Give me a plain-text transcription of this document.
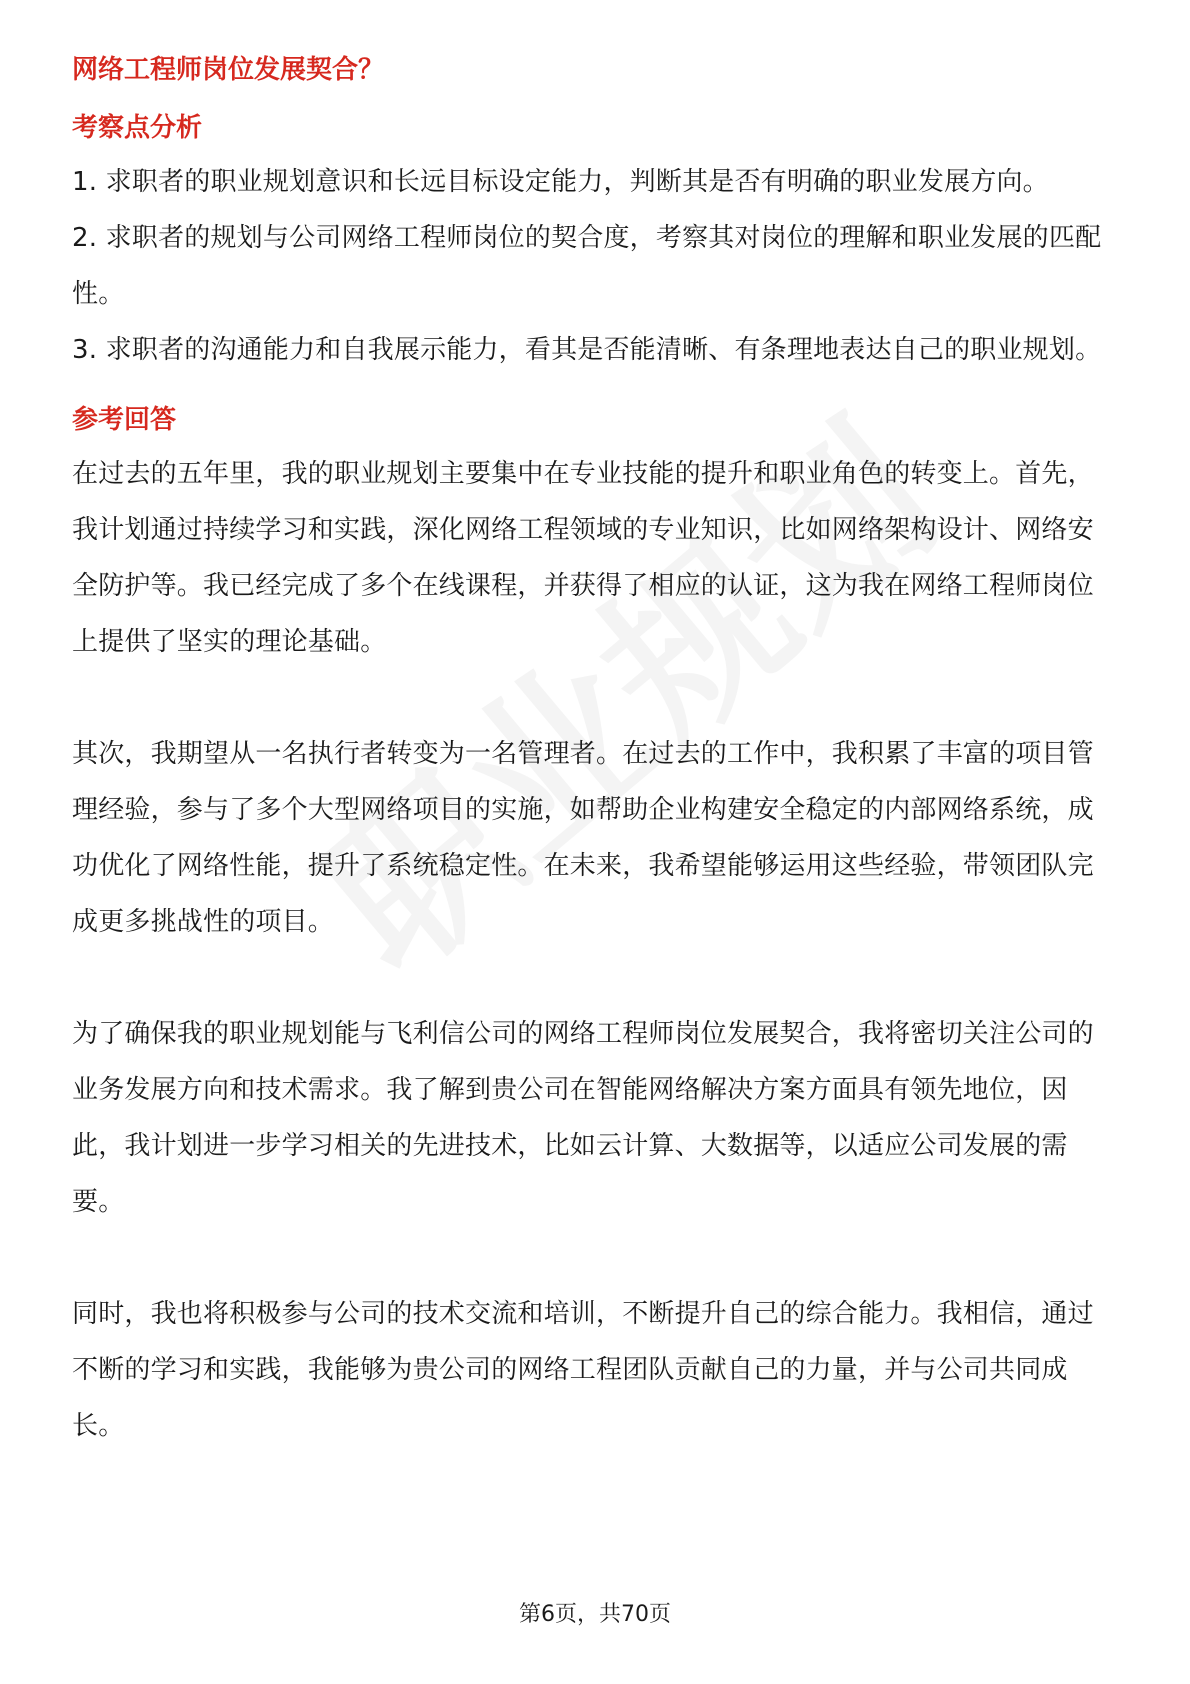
网络工程师岗位发展契合？

考察点分析

1. 求职者的职业规划意识和长远目标设定能力，判断其是否有明确的职业发展方向。

2. 求职者的规划与公司网络工程师岗位的契合度，考察其对岗位的理解和职业发展的匹配性。

3. 求职者的沟通能力和自我展示能力，看其是否能清晰、有条理地表达自己的职业规划。

参考回答

在过去的五年里，我的职业规划主要集中在专业技能的提升和职业角色的转变上。首先，我计划通过持续学习和实践，深化网络工程领域的专业知识，比如网络架构设计、网络安全防护等。我已经完成了多个在线课程，并获得了相应的认证，这为我在网络工程师岗位上提供了坚实的理论基础。

其次，我期望从一名执行者转变为一名管理者。在过去的工作中，我积累了丰富的项目管理经验，参与了多个大型网络项目的实施，如帮助企业构建安全稳定的内部网络系统，成功优化了网络性能，提升了系统稳定性。在未来，我希望能够运用这些经验，带领团队完成更多挑战性的项目。

为了确保我的职业规划能与飞利信公司的网络工程师岗位发展契合，我将密切关注公司的业务发展方向和技术需求。我了解到贵公司在智能网络解决方案方面具有领先地位，因此，我计划进一步学习相关的先进技术，比如云计算、大数据等，以适应公司发展的需要。

同时，我也将积极参与公司的技术交流和培训，不断提升自己的综合能力。我相信，通过不断的学习和实践，我能够为贵公司的网络工程团队贡献自己的力量，并与公司共同成长。

第6页，共70页
